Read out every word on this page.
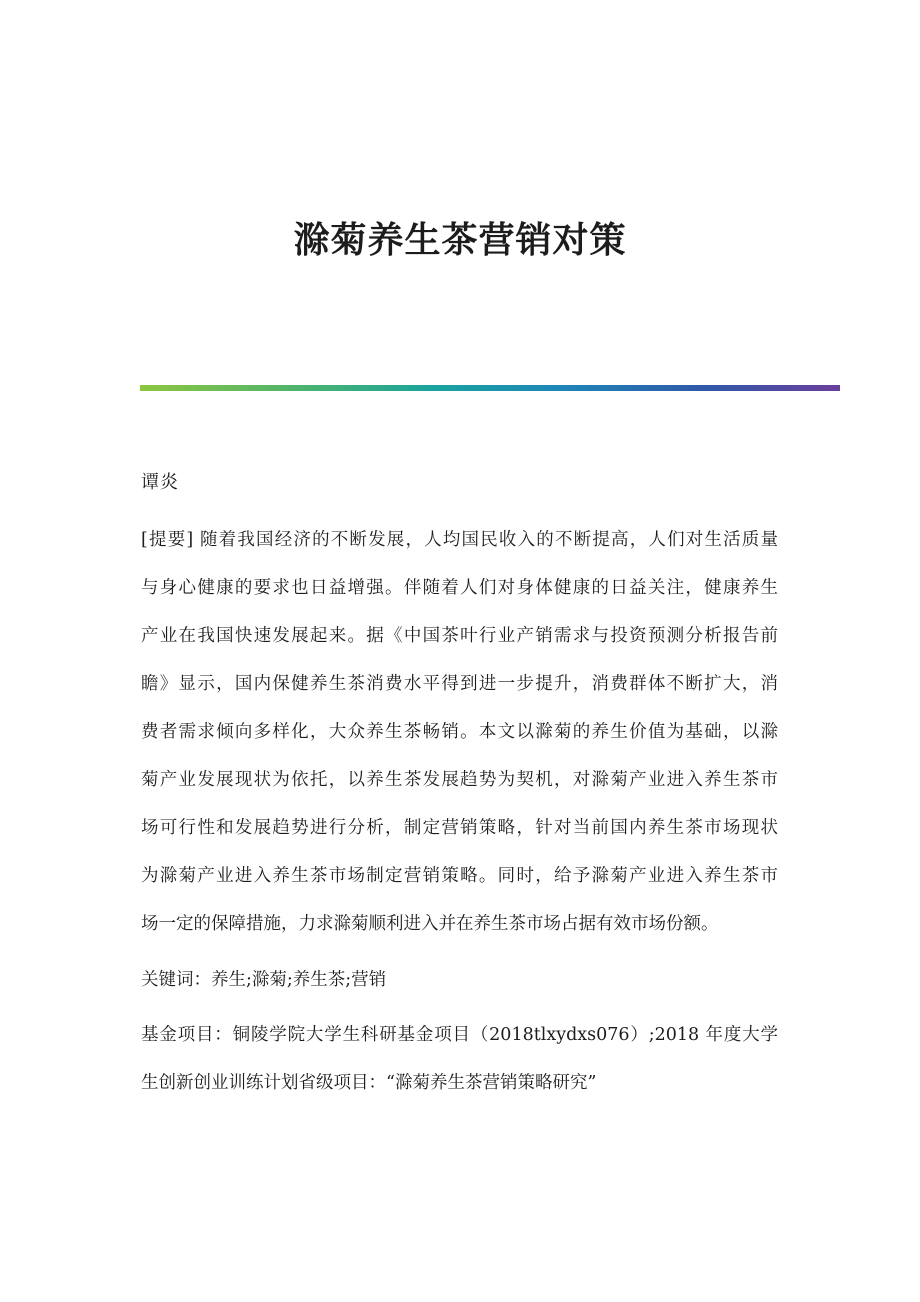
滁菊养生茶营销对策
谭炎
[提要] 随着我国经济的不断发展，人均国民收入的不断提高，人们对生活质量
与身心健康的要求也日益增强。伴随着人们对身体健康的日益关注，健康养生
产业在我国快速发展起来。据《中国茶叶行业产销需求与投资预测分析报告前
瞻》显示，国内保健养生茶消费水平得到进一步提升，消费群体不断扩大，消
费者需求倾向多样化，大众养生茶畅销。本文以滁菊的养生价值为基础，以滁
菊产业发展现状为依托，以养生茶发展趋势为契机，对滁菊产业进入养生茶市
场可行性和发展趋势进行分析，制定营销策略，针对当前国内养生茶市场现状
为滁菊产业进入养生茶市场制定营销策略。同时，给予滁菊产业进入养生茶市
场一定的保障措施，力求滁菊顺利进入并在养生茶市场占据有效市场份额。
关键词：养生;滁菊;养生茶;营销
基金项目：铜陵学院大学生科研基金项目（2018tlxydxs076）;2018 年度大学
生创新创业训练计划省级项目：“滁菊养生茶营销策略研究”
